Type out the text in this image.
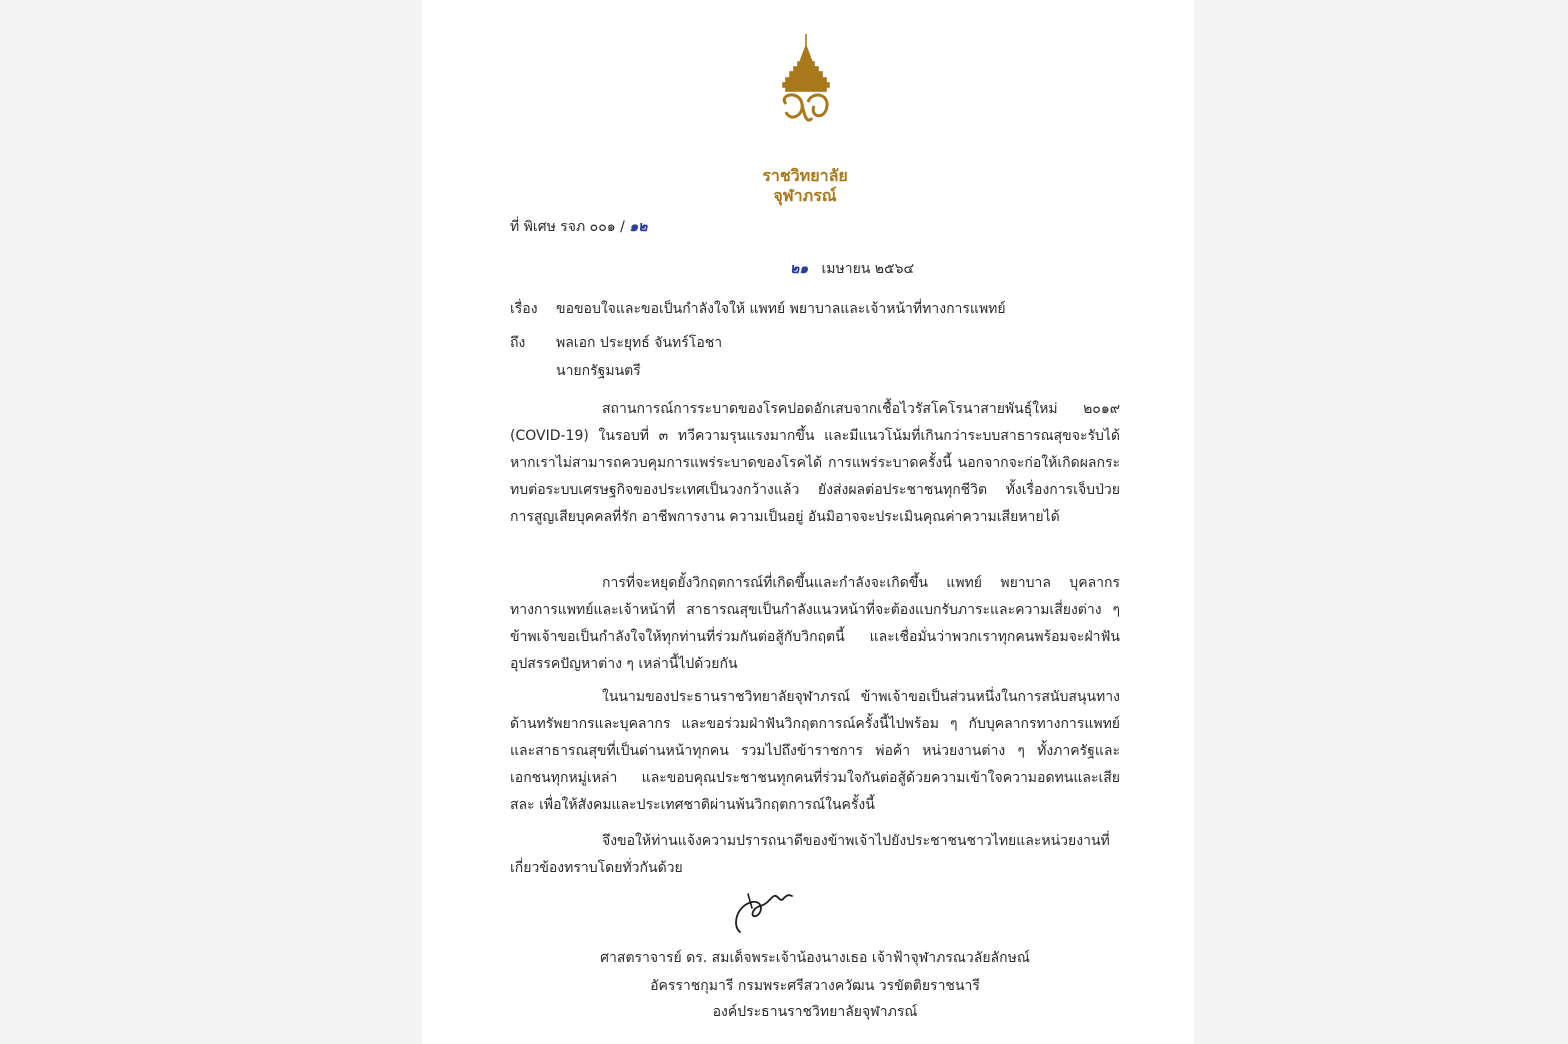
ราชวิทยาลัย
จุฬาภรณ์
ที่ พิเศษ รจภ ๐๐๑ / ๑๒
๒๑ เมษายน ๒๕๖๔
เรื่อง ขอขอบใจและขอเป็นกำลังใจให้ แพทย์ พยาบาลและเจ้าหน้าที่ทางการแพทย์
ถึง พลเอก ประยุทธ์ จันทร์โอชา
นายกรัฐมนตรี

สถานการณ์การระบาดของโรคปอดอักเสบจากเชื้อไวรัสโคโรนาสายพันธุ์ใหม่ ๒๐๑๙ (COVID-19) ในรอบที่ ๓ ทวีความรุนแรงมากขึ้น และมีแนวโน้มที่เกินกว่าระบบสาธารณสุขจะรับได้ หากเราไม่สามารถควบคุมการแพร่ระบาดของโรคได้ การแพร่ระบาดครั้งนี้ นอกจากจะก่อให้เกิดผลกระทบต่อระบบเศรษฐกิจของประเทศเป็นวงกว้างแล้ว ยังส่งผลต่อประชาชนทุกชีวิต ทั้งเรื่องการเจ็บป่วย การสูญเสียบุคคลที่รัก อาชีพการงาน ความเป็นอยู่ อันมิอาจจะประเมินคุณค่าความเสียหายได้

การที่จะหยุดยั้งวิกฤตการณ์ที่เกิดขึ้นและกำลังจะเกิดขึ้น แพทย์ พยาบาล บุคลากรทางการแพทย์และเจ้าหน้าที่ สาธารณสุขเป็นกำลังแนวหน้าที่จะต้องแบกรับภาระและความเสี่ยงต่าง ๆ ข้าพเจ้าขอเป็นกำลังใจให้ทุกท่านที่ร่วมกันต่อสู้กับวิกฤตนี้ และเชื่อมั่นว่าพวกเราทุกคนพร้อมจะฝ่าฟันอุปสรรคปัญหาต่าง ๆ เหล่านี้ไปด้วยกัน

ในนามของประธานราชวิทยาลัยจุฬาภรณ์ ข้าพเจ้าขอเป็นส่วนหนึ่งในการสนับสนุนทางด้านทรัพยากรและบุคลากร และขอร่วมฝ่าฟันวิกฤตการณ์ครั้งนี้ไปพร้อม ๆ กับบุคลากรทางการแพทย์และสาธารณสุขที่เป็นด่านหน้าทุกคน รวมไปถึงข้าราชการ พ่อค้า หน่วยงานต่าง ๆ ทั้งภาครัฐและเอกชนทุกหมู่เหล่า และขอบคุณประชาชนทุกคนที่ร่วมใจกันต่อสู้ด้วยความเข้าใจความอดทนและเสียสละ เพื่อให้สังคมและประเทศชาติผ่านพ้นวิกฤตการณ์ในครั้งนี้

จึงขอให้ท่านแจ้งความปรารถนาดีของข้าพเจ้าไปยังประชาชนชาวไทยและหน่วยงานที่เกี่ยวข้องทราบโดยทั่วกันด้วย

ศาสตราจารย์ ดร. สมเด็จพระเจ้าน้องนางเธอ เจ้าฟ้าจุฬาภรณวลัยลักษณ์
อัครราชกุมารี กรมพระศรีสวางควัฒน วรขัตติยราชนารี
องค์ประธานราชวิทยาลัยจุฬาภรณ์
